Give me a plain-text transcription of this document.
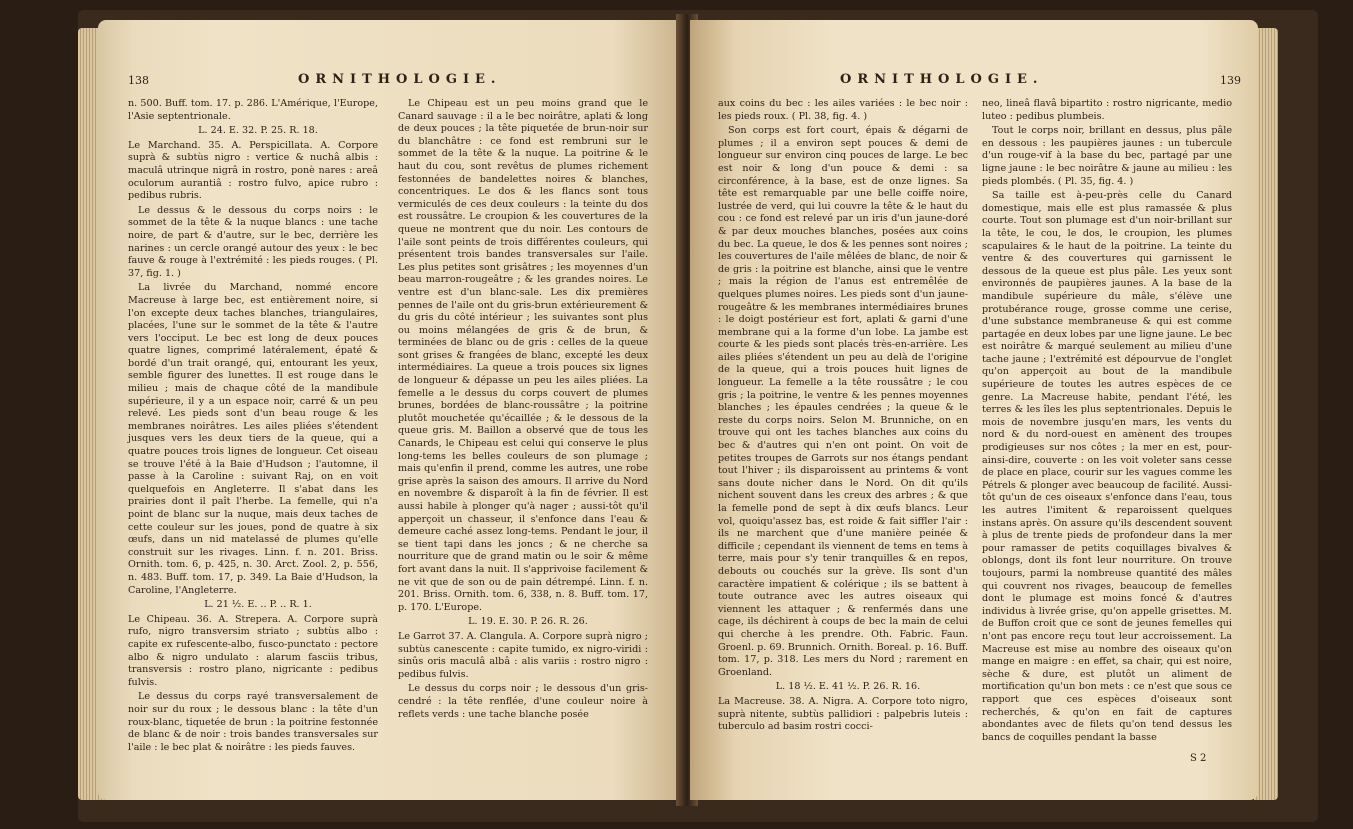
138	ORNITHOLOGIE.

n. 500. Buff. tom. 17. p. 286. L'Amérique, l'Europe, l'Asie septentrionale.

L. 24. E. 32. P. 25. R. 18.

Le Marchand. 35. A. Perspicillata. A. Corpore suprà & subtùs nigro : vertice & nuchâ albis : maculâ utrinque nigrâ in rostro, ponè nares : areâ oculorum aurantiâ : rostro fulvo, apice rubro : pedibus rubris.

Le dessus & le dessous du corps noirs : le sommet de la tête & la nuque blancs : une tache noire, de part & d'autre, sur le bec, derrière les narines : un cercle orangé autour des yeux : le bec fauve & rouge à l'extrémité : les pieds rouges. ( Pl. 37, fig. 1. )

La livrée du Marchand, nommé encore Macreuse à large bec, est entièrement noire, si l'on excepte deux taches blanches, triangulaires, placées, l'une sur le sommet de la tête & l'autre vers l'occiput. Le bec est long de deux pouces quatre lignes, comprimé latéralement, épaté & bordé d'un trait orangé, qui, entourant les yeux, semble figurer des lunettes. Il est rouge dans le milieu ; mais de chaque côté de la mandibule supérieure, il y a un espace noir, carré & un peu relevé. Les pieds sont d'un beau rouge & les membranes noirâtres. Les ailes pliées s'étendent jusques vers les deux tiers de la queue, qui a quatre pouces trois lignes de longueur. Cet oiseau se trouve l'été à la Baie d'Hudson ; l'automne, il passe à la Caroline : suivant Raj, on en voit quelquefois en Angleterre. Il s'abat dans les prairies dont il paît l'herbe. La femelle, qui n'a point de blanc sur la nuque, mais deux taches de cette couleur sur les joues, pond de quatre à six œufs, dans un nid matelassé de plumes qu'elle construit sur les rivages. Linn. f. n. 201. Briss. Ornith. tom. 6, p. 425, n. 30. Arct. Zool. 2, p. 556, n. 483. Buff. tom. 17, p. 349. La Baie d'Hudson, la Caroline, l'Angleterre.

L. 21 ½. E. .. P. .. R. 1.

Le Chipeau. 36. A. Strepera. A. Corpore suprà rufo, nigro transversim striato ; subtùs albo : capite ex rufescente-albo, fusco-punctato : pectore albo & nigro undulato : alarum fasciis tribus, transversis : rostro plano, nigricante : pedibus fulvis.

Le dessus du corps rayé transversalement de noir sur du roux ; le dessous blanc : la tête d'un roux-blanc, tiquetée de brun : la poitrine festonnée de blanc & de noir : trois bandes transversales sur l'aile : le bec plat & noirâtre : les pieds fauves.

Le Chipeau est un peu moins grand que le Canard sauvage : il a le bec noirâtre, aplati & long de deux pouces ; la tête piquetée de brun-noir sur du blanchâtre : ce fond est rembruni sur le sommet de la tête & la nuque. La poitrine & le haut du cou, sont revêtus de plumes richement festonnées de bandelettes noires & blanches, concentriques. Le dos & les flancs sont tous vermiculés de ces deux couleurs : la teinte du dos est roussâtre. Le croupion & les couvertures de la queue ne montrent que du noir. Les contours de l'aile sont peints de trois différentes couleurs, qui présentent trois bandes transversales sur l'aile. Les plus petites sont grisâtres ; les moyennes d'un beau marron-rougeâtre ; & les grandes noires. Le ventre est d'un blanc-sale. Les dix premières pennes de l'aile ont du gris-brun extérieurement & du gris du côté intérieur ; les suivantes sont plus ou moins mélangées de gris & de brun, & terminées de blanc ou de gris : celles de la queue sont grises & frangées de blanc, excepté les deux intermédiaires. La queue a trois pouces six lignes de longueur & dépasse un peu les ailes pliées. La femelle a le dessus du corps couvert de plumes brunes, bordées de blanc-roussâtre ; la poitrine plutôt mouchetée qu'écaillée ; & le dessous de la queue gris. M. Baillon a observé que de tous les Canards, le Chipeau est celui qui conserve le plus long-tems les belles couleurs de son plumage ; mais qu'enfin il prend, comme les autres, une robe grise après la saison des amours. Il arrive du Nord en novembre & disparoît à la fin de février. Il est aussi habile à plonger qu'à nager ; aussi-tôt qu'il apperçoit un chasseur, il s'enfonce dans l'eau & demeure caché assez long-tems. Pendant le jour, il se tient tapi dans les joncs ; & ne cherche sa nourriture que de grand matin ou le soir & même fort avant dans la nuit. Il s'apprivoise facilement & ne vit que de son ou de pain détrempé. Linn. f. n. 201. Briss. Ornith. tom. 6, 338, n. 8. Buff. tom. 17, p. 170. L'Europe.

L. 19. E. 30. P. 26. R. 26.

Le Garrot 37. A. Clangula. A. Corpore suprà nigro ; subtùs canescente : capite tumido, ex nigro-viridi : sinûs oris maculâ albâ : alis variis : rostro nigro : pedibus fulvis.

Le dessus du corps noir ; le dessous d'un gris-cendré : la tête renflée, d'une couleur noire à reflets verds : une tache blanche posée

ORNITHOLOGIE.	139

aux coins du bec : les ailes variées : le bec noir : les pieds roux. ( Pl. 38, fig. 4. )

Son corps est fort court, épais & dégarni de plumes ; il a environ sept pouces & demi de longueur sur environ cinq pouces de large. Le bec est noir & long d'un pouce & demi : sa circonférence, à la base, est de onze lignes. Sa tête est remarquable par une belle coiffe noire, lustrée de verd, qui lui couvre la tête & le haut du cou : ce fond est relevé par un iris d'un jaune-doré & par deux mouches blanches, posées aux coins du bec. La queue, le dos & les pennes sont noires ; les couvertures de l'aile mêlées de blanc, de noir & de gris : la poitrine est blanche, ainsi que le ventre ; mais la région de l'anus est entremêlée de quelques plumes noires. Les pieds sont d'un jaune-rougeâtre & les membranes intermédiaires brunes : le doigt postérieur est fort, aplati & garni d'une membrane qui a la forme d'un lobe. La jambe est courte & les pieds sont placés très-en-arrière. Les ailes pliées s'étendent un peu au delà de l'origine de la queue, qui a trois pouces huit lignes de longueur. La femelle a la tête roussâtre ; le cou gris ; la poitrine, le ventre & les pennes moyennes blanches ; les épaules cendrées ; la queue & le reste du corps noirs. Selon M. Brunniche, on en trouve qui ont les taches blanches aux coins du bec & d'autres qui n'en ont point. On voit de petites troupes de Garrots sur nos étangs pendant tout l'hiver ; ils disparoissent au printems & vont sans doute nicher dans le Nord. On dit qu'ils nichent souvent dans les creux des arbres ; & que la femelle pond de sept à dix œufs blancs. Leur vol, quoiqu'assez bas, est roide & fait siffler l'air : ils ne marchent que d'une manière peinée & difficile ; cependant ils viennent de tems en tems à terre, mais pour s'y tenir tranquilles & en repos, debouts ou couchés sur la grève. Ils sont d'un caractère impatient & colérique ; ils se battent à toute outrance avec les autres oiseaux qui viennent les attaquer ; & renfermés dans une cage, ils déchirent à coups de bec la main de celui qui cherche à les prendre. Oth. Fabric. Faun. Groenl. p. 69. Brunnich. Ornith. Boreal. p. 16. Buff. tom. 17, p. 318. Les mers du Nord ; rarement en Groenland.

L. 18 ½. E. 41 ½. P. 26. R. 16.

La Macreuse. 38. A. Nigra. A. Corpore toto nigro, suprà nitente, subtùs pallidiori : palpebris luteis : tuberculo ad basim rostri cocci-

neo, lineâ flavâ bipartito : rostro nigricante, medio luteo : pedibus plumbeis.

Tout le corps noir, brillant en dessus, plus pâle en dessous : les paupières jaunes : un tubercule d'un rouge-vif à la base du bec, partagé par une ligne jaune : le bec noirâtre & jaune au milieu : les pieds plombés. ( Pl. 35, fig. 4. )

Sa taille est à-peu-près celle du Canard domestique, mais elle est plus ramassée & plus courte. Tout son plumage est d'un noir-brillant sur la tête, le cou, le dos, le croupion, les plumes scapulaires & le haut de la poitrine. La teinte du ventre & des couvertures qui garnissent le dessous de la queue est plus pâle. Les yeux sont environnés de paupières jaunes. A la base de la mandibule supérieure du mâle, s'élève une protubérance rouge, grosse comme une cerise, d'une substance membraneuse & qui est comme partagée en deux lobes par une ligne jaune. Le bec est noirâtre & marqué seulement au milieu d'une tache jaune ; l'extrémité est dépourvue de l'onglet qu'on apperçoit au bout de la mandibule supérieure de toutes les autres espèces de ce genre. La Macreuse habite, pendant l'été, les terres & les îles les plus septentrionales. Depuis le mois de novembre jusqu'en mars, les vents du nord & du nord-ouest en amènent des troupes prodigieuses sur nos côtes ; la mer en est, pour-ainsi-dire, couverte : on les voit voleter sans cesse de place en place, courir sur les vagues comme les Pétrels & plonger avec beaucoup de facilité. Aussi-tôt qu'un de ces oiseaux s'enfonce dans l'eau, tous les autres l'imitent & reparoissent quelques instans après. On assure qu'ils descendent souvent à plus de trente pieds de profondeur dans la mer pour ramasser de petits coquillages bivalves & oblongs, dont ils font leur nourriture. On trouve toujours, parmi la nombreuse quantité des mâles qui couvrent nos rivages, beaucoup de femelles dont le plumage est moins foncé & d'autres individus à livrée grise, qu'on appelle grisettes. M. de Buffon croit que ce sont de jeunes femelles qui n'ont pas encore reçu tout leur accroissement. La Macreuse est mise au nombre des oiseaux qu'on mange en maigre : en effet, sa chair, qui est noire, sèche & dure, est plutôt un aliment de mortification qu'un bon mets : ce n'est que sous ce rapport que ces espèces d'oiseaux sont recherchés, & qu'on en fait de captures abondantes avec de filets qu'on tend dessus les bancs de coquilles pendant la basse

S 2
